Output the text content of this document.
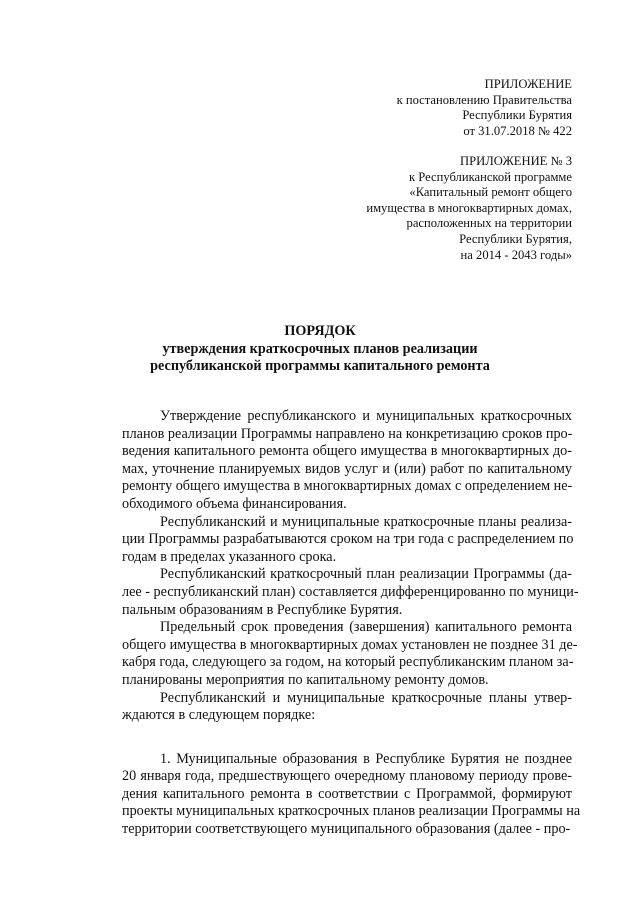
ПРИЛОЖЕНИЕ
к постановлению Правительства
Республики Бурятия
от 31.07.2018 № 422
ПРИЛОЖЕНИЕ № 3
к Республиканской программе
«Капитальный ремонт общего
имущества в многоквартирных домах,
расположенных на территории
Республики Бурятия,
на 2014 - 2043 годы»
ПОРЯДОК
утверждения краткосрочных планов реализации
республиканской программы капитального ремонта
Утверждение республиканского и муниципальных краткосрочных
планов реализации Программы направлено на конкретизацию сроков про-
ведения капитального ремонта общего имущества в многоквартирных до-
мах, уточнение планируемых видов услуг и (или) работ по капитальному
ремонту общего имущества в многоквартирных домах с определением не-
обходимого объема финансирования.
Республиканский и муниципальные краткосрочные планы реализа-
ции Программы разрабатываются сроком на три года с распределением по
годам в пределах указанного срока.
Республиканский краткосрочный план реализации Программы (да-
лее - республиканский план) составляется дифференцированно по муници-
пальным образованиям в Республике Бурятия.
Предельный срок проведения (завершения) капитального ремонта
общего имущества в многоквартирных домах установлен не позднее 31 де-
кабря года, следующего за годом, на который республиканским планом за-
планированы мероприятия по капитальному ремонту домов.
Республиканский и муниципальные краткосрочные планы утвер-
ждаются в следующем порядке:
1. Муниципальные образования в Республике Бурятия не позднее
20 января года, предшествующего очередному плановому периоду прове-
дения капитального ремонта в соответствии с Программой, формируют
проекты муниципальных краткосрочных планов реализации Программы на
территории соответствующего муниципального образования (далее - про-
